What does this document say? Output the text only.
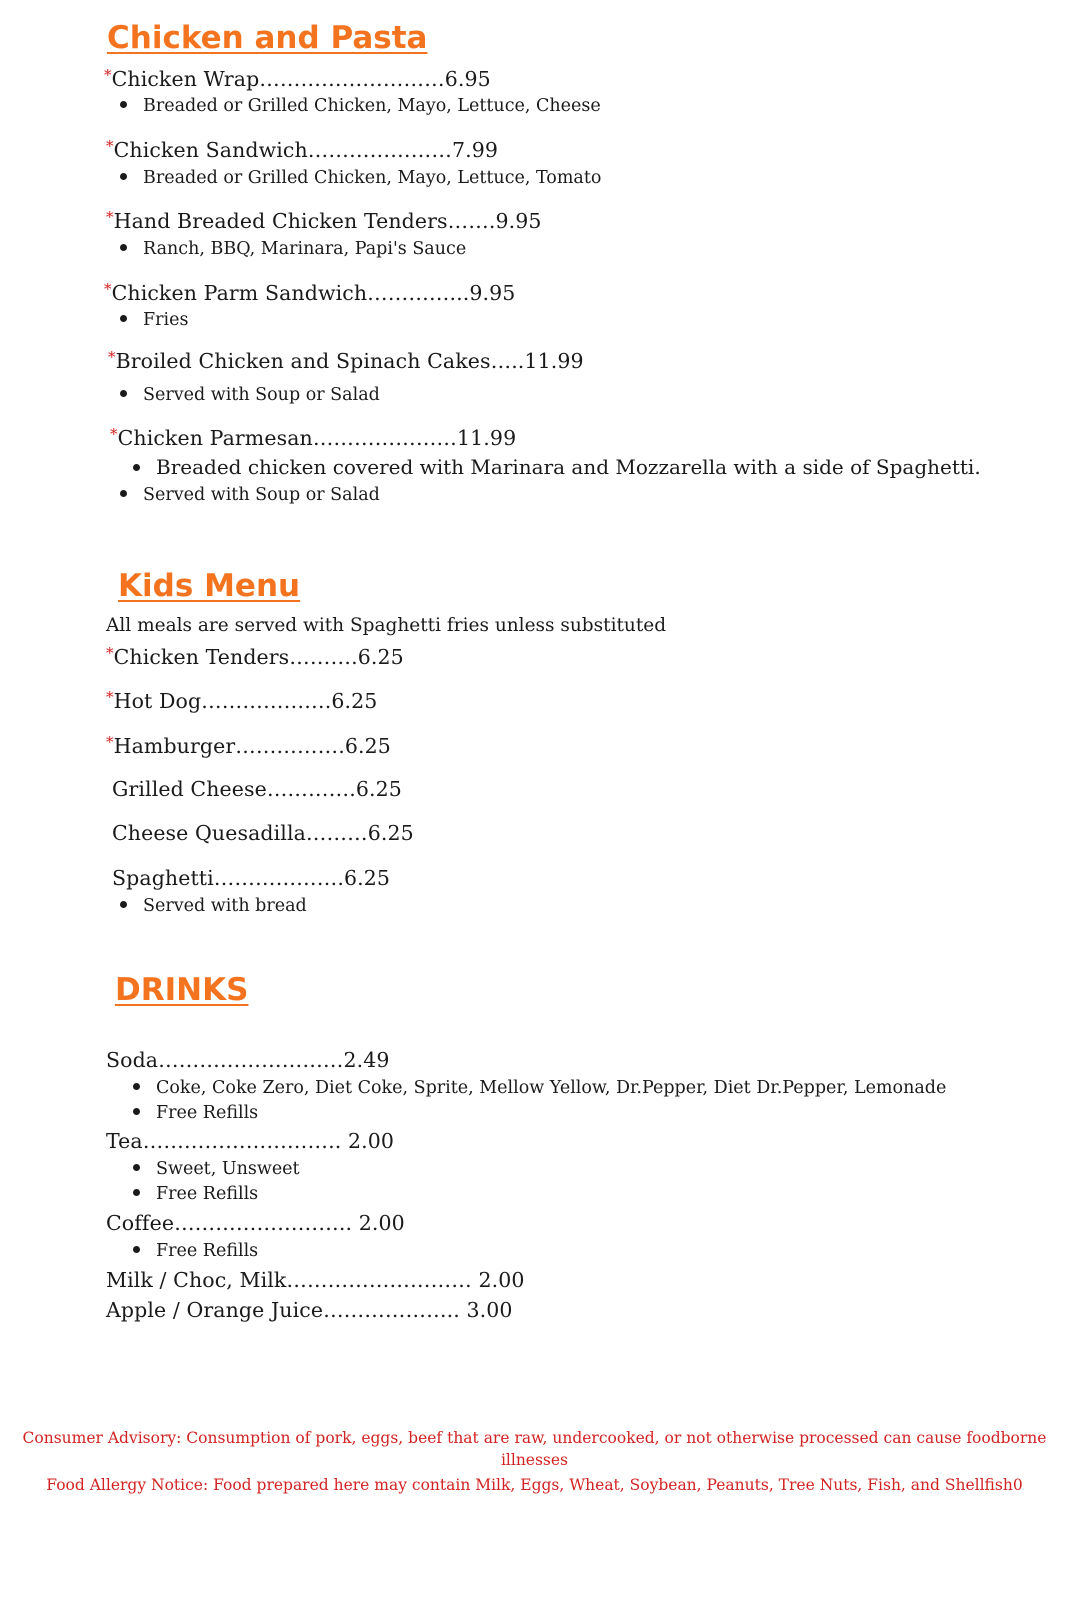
Chicken and Pasta
*Chicken Wrap………………………6.95
Breaded or Grilled Chicken, Mayo, Lettuce, Cheese
*Chicken Sandwich…………………7.99
Breaded or Grilled Chicken, Mayo, Lettuce, Tomato
*Hand Breaded Chicken Tenders…….9.95
Ranch, BBQ, Marinara, Papi's Sauce
*Chicken Parm Sandwich…………...9.95
Fries
*Broiled Chicken and Spinach Cakes…..11.99
Served with Soup or Salad
*Chicken Parmesan…………………11.99
Breaded chicken covered with Marinara and Mozzarella with a side of Spaghetti.
Served with Soup or Salad
Kids Menu
All meals are served with Spaghetti fries unless substituted
*Chicken Tenders……….6.25
*Hot Dog……………….6.25
*Hamburger…………….6.25
Grilled Cheese………….6.25
Cheese Quesadilla………6.25
Spaghetti……………….6.25
Served with bread
DRINKS
Soda………………………2.49
Coke, Coke Zero, Diet Coke, Sprite, Mellow Yellow, Dr.Pepper, Diet Dr.Pepper, Lemonade
Free Refills
Tea……………………….. 2.00
Sweet, Unsweet
Free Refills
Coffee…………………….. 2.00
Free Refills
Milk / Choc, Milk……………………… 2.00
Apple / Orange Juice……………….. 3.00
Consumer Advisory: Consumption of pork, eggs, beef that are raw, undercooked, or not otherwise processed can cause foodborne
illnesses
Food Allergy Notice: Food prepared here may contain Milk, Eggs, Wheat, Soybean, Peanuts, Tree Nuts, Fish, and Shellfish0
